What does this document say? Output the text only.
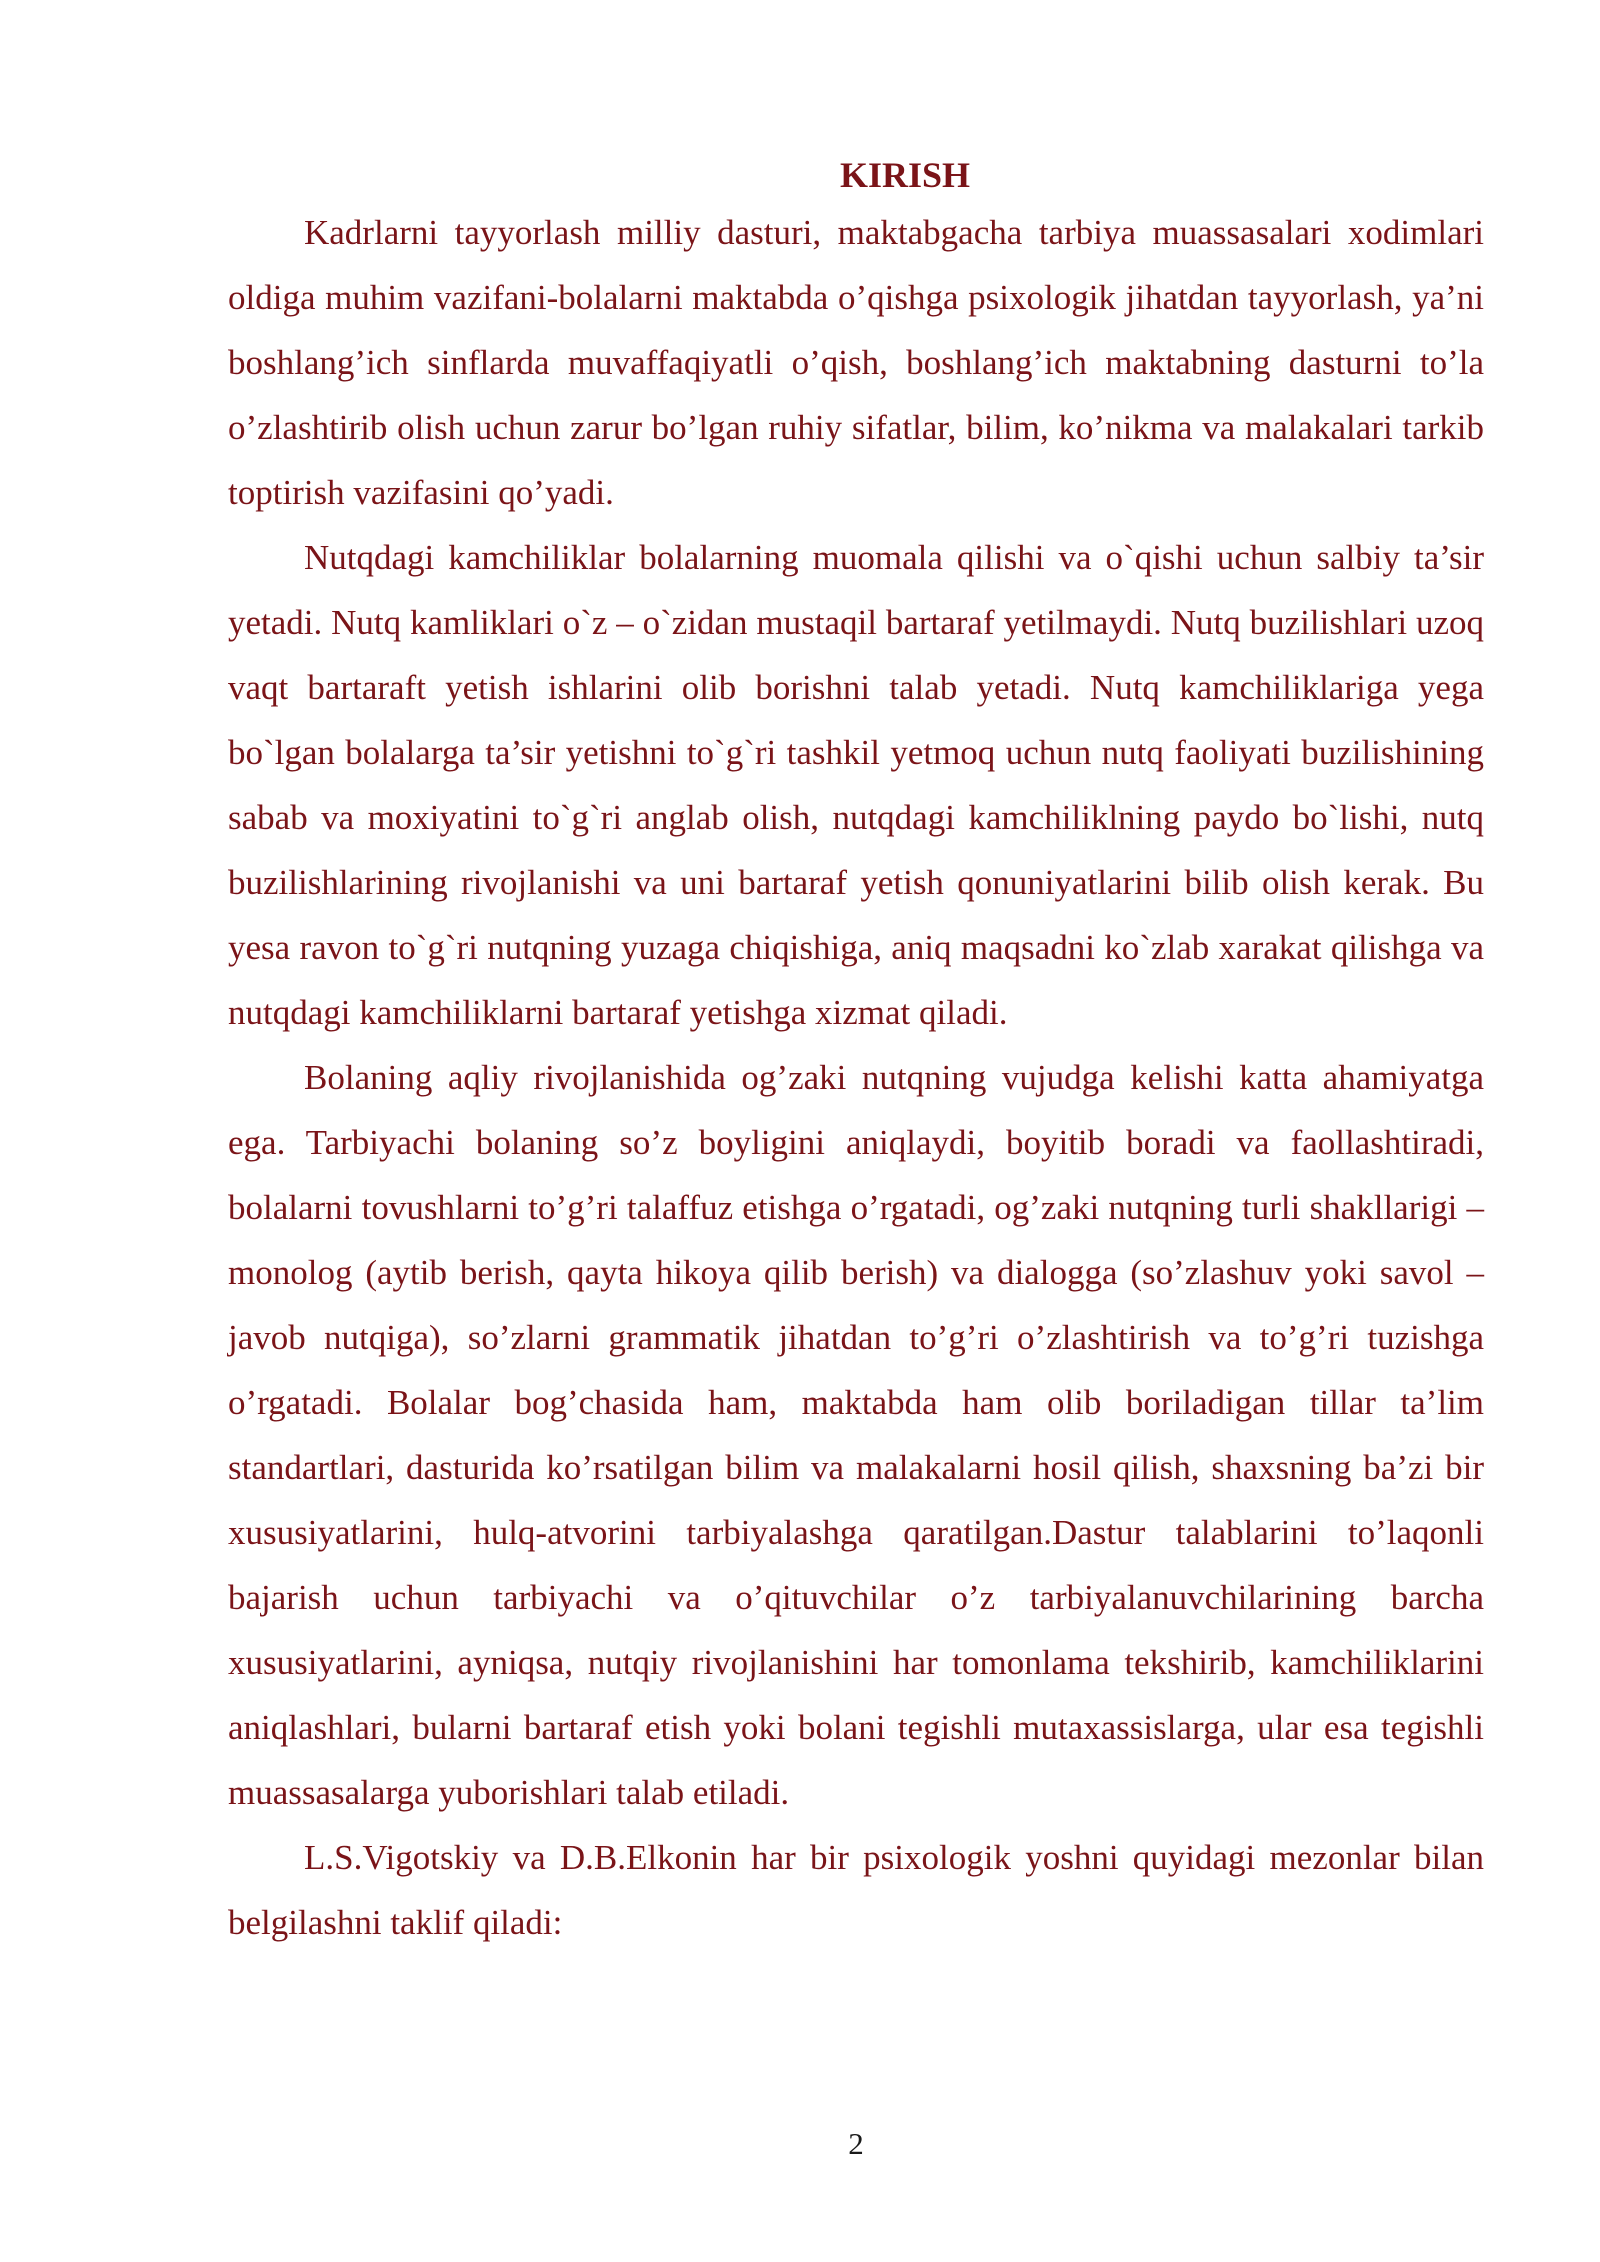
KIRISH

Kadrlarni tayyorlash milliy dasturi, maktabgacha tarbiya muassasalari xodimlari oldiga muhim vazifani-bolalarni maktabda o’qishga psixologik jihatdan tayyorlash, ya’ni boshlang’ich sinflarda muvaffaqiyatli o’qish, boshlang’ich maktabning dasturni to’la o’zlashtirib olish uchun zarur bo’lgan ruhiy sifatlar, bilim, ko’nikma va malakalari tarkib toptirish vazifasini qo’yadi.

Nutqdagi kamchiliklar bolalarning muomala qilishi va o`qishi uchun salbiy ta’sir yetadi. Nutq kamliklari o`z – o`zidan mustaqil bartaraf yetilmaydi. Nutq buzilishlari uzoq vaqt bartaraft yetish ishlarini olib borishni talab yetadi. Nutq kamchiliklariga yega bo`lgan bolalarga ta’sir yetishni to`g`ri tashkil yetmoq uchun nutq faoliyati buzilishining sabab va moxiyatini to`g`ri anglab olish, nutqdagi kamchiliklning paydo bo`lishi, nutq buzilishlarining rivojlanishi va uni bartaraf yetish qonuniyatlarini bilib olish kerak. Bu yesa ravon to`g`ri nutqning yuzaga chiqishiga, aniq maqsadni ko`zlab xarakat qilishga va nutqdagi kamchiliklarni bartaraf yetishga xizmat qiladi.

Bolaning aqliy rivojlanishida og’zaki nutqning vujudga kelishi katta ahamiyatga ega. Tarbiyachi bolaning so’z boyligini aniqlaydi, boyitib boradi va faollashtiradi, bolalarni tovushlarni to’g’ri talaffuz etishga o’rgatadi, og’zaki nutqning turli shakllarigi – monolog (aytib berish, qayta hikoya qilib berish) va dialogga (so’zlashuv yoki savol – javob nutqiga), so’zlarni grammatik jihatdan to’g’ri o’zlashtirish va to’g’ri tuzishga o’rgatadi. Bolalar bog’chasida ham, maktabda ham olib boriladigan tillar ta’lim standartlari, dasturida ko’rsatilgan bilim va malakalarni hosil qilish, shaxsning ba’zi bir xususiyatlarini, hulq-atvorini tarbiyalashga qaratilgan.Dastur talablarini to’laqonli bajarish uchun tarbiyachi va o’qituvchilar o’z tarbiyalanuvchilarining barcha xususiyatlarini, ayniqsa, nutqiy rivojlanishini har tomonlama tekshirib, kamchiliklarini aniqlashlari, bularni bartaraf etish yoki bolani tegishli mutaxassislarga, ular esa tegishli muassasalarga yuborishlari talab etiladi.

L.S.Vigotskiy va D.B.Elkonin har bir psixologik yoshni quyidagi mezonlar bilan belgilashni taklif qiladi:

2
